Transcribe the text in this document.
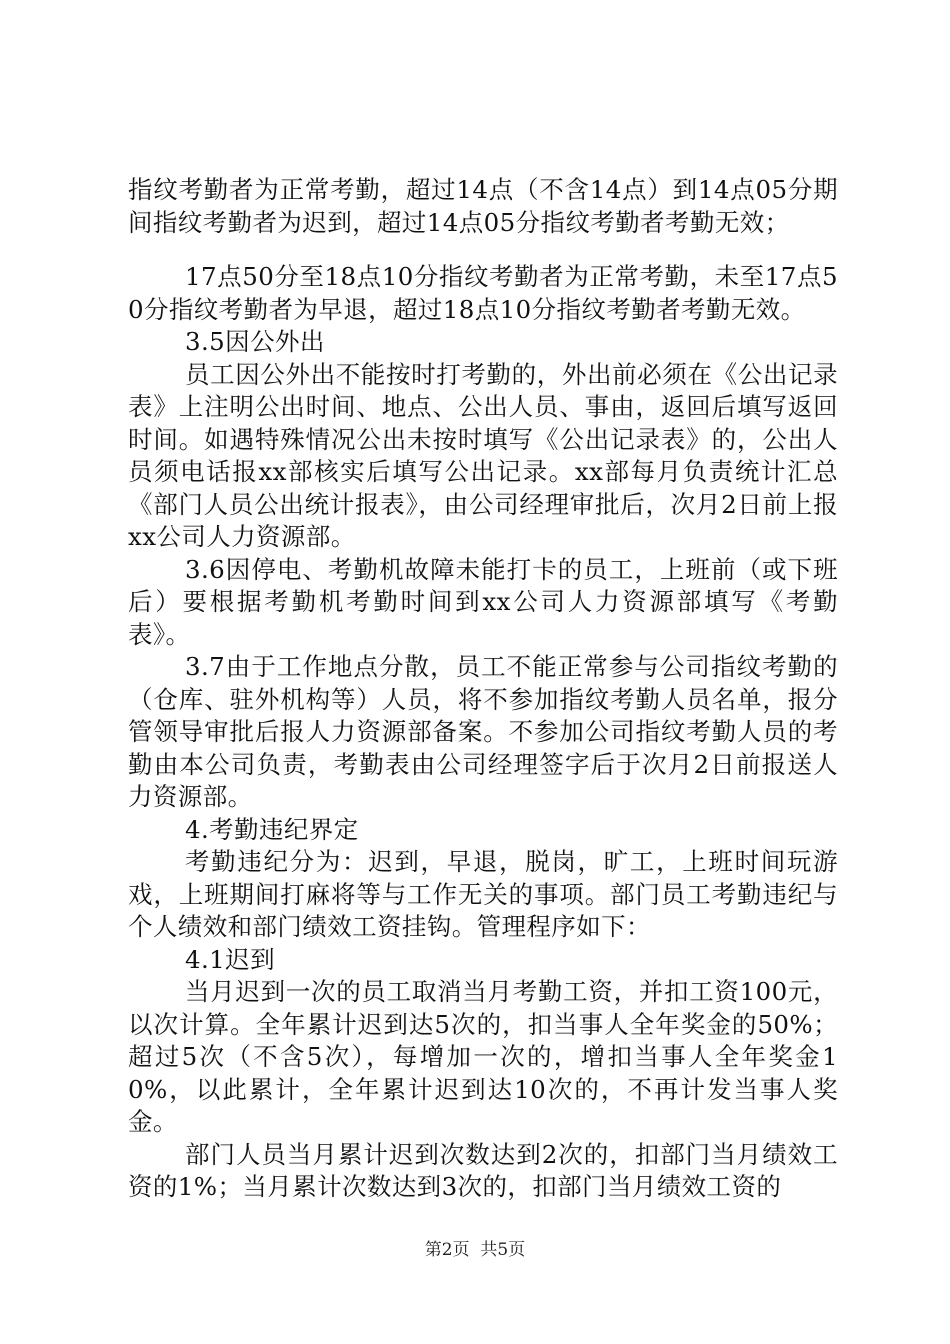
指纹考勤者为正常考勤，超过14点（不含14点）到14点05分期间指纹考勤者为迟到，超过14点05分指纹考勤者考勤无效；

17点50分至18点10分指纹考勤者为正常考勤，未至17点50分指纹考勤者为早退，超过18点10分指纹考勤者考勤无效。

3.5因公外出

员工因公外出不能按时打考勤的，外出前必须在《公出记录表》上注明公出时间、地点、公出人员、事由，返回后填写返回时间。如遇特殊情况公出未按时填写《公出记录表》的，公出人员须电话报xx部核实后填写公出记录。xx部每月负责统计汇总《部门人员公出统计报表》，由公司经理审批后，次月2日前上报xx公司人力资源部。

3.6因停电、考勤机故障未能打卡的员工，上班前（或下班后）要根据考勤机考勤时间到xx公司人力资源部填写《考勤表》。

3.7由于工作地点分散，员工不能正常参与公司指纹考勤的（仓库、驻外机构等）人员，将不参加指纹考勤人员名单，报分管领导审批后报人力资源部备案。不参加公司指纹考勤人员的考勤由本公司负责，考勤表由公司经理签字后于次月2日前报送人力资源部。

4.考勤违纪界定

考勤违纪分为：迟到，早退，脱岗，旷工，上班时间玩游戏，上班期间打麻将等与工作无关的事项。部门员工考勤违纪与个人绩效和部门绩效工资挂钩。管理程序如下：

4.1迟到

当月迟到一次的员工取消当月考勤工资，并扣工资100元，以次计算。全年累计迟到达5次的，扣当事人全年奖金的50%；超过5次（不含5次），每增加一次的，增扣当事人全年奖金10%，以此累计，全年累计迟到达10次的，不再计发当事人奖金。

部门人员当月累计迟到次数达到2次的，扣部门当月绩效工资的1%；当月累计次数达到3次的，扣部门当月绩效工资的

第2页  共5页
